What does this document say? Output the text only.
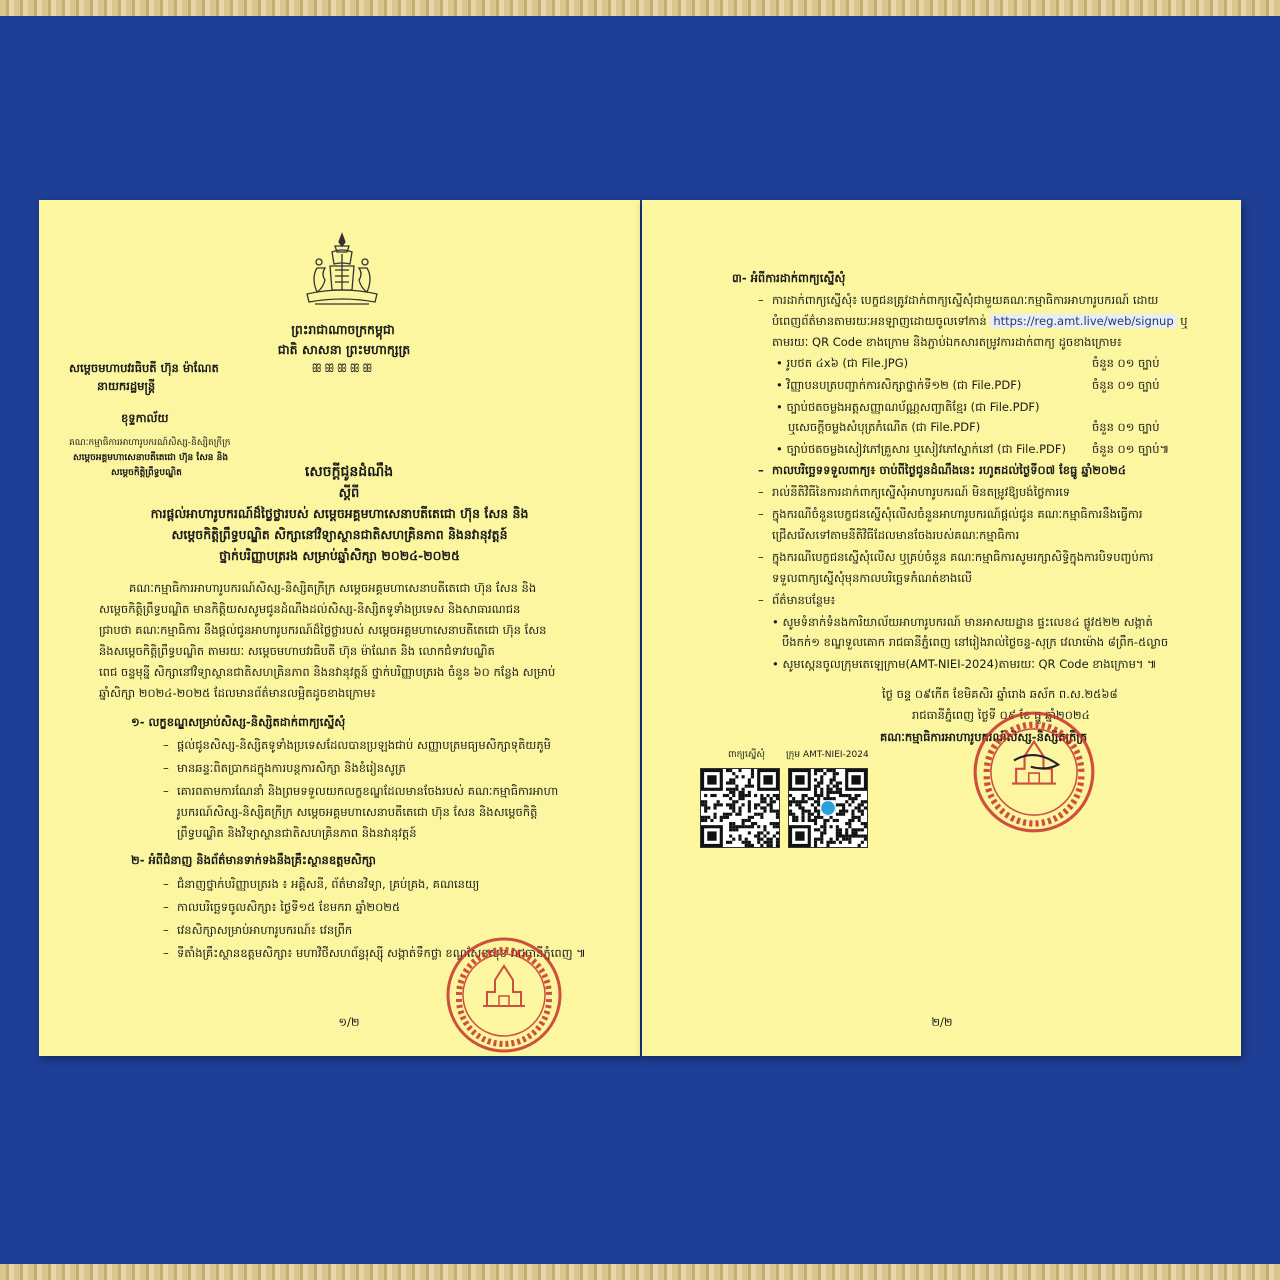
ព្រះរាជាណាចក្រកម្ពុជា
ជាតិ សាសនា ព្រះមហាក្សត្រ
ꕥꕥꕥꕥꕥ
សម្តេចមហាបវរធិបតី ហ៊ុន ម៉ាណែត
នាយករដ្ឋមន្ត្រី
ខុទ្ទកាល័យ
គណៈកម្មាធិការអាហារូបករណ៍សិស្ស-និស្សិតក្រីក្រ
សម្តេចអគ្គមហាសេនាបតីតេជោ ហ៊ុន សែន និង
សម្តេចកិត្តិព្រឹទ្ធបណ្ឌិត	សេចក្តីជូនដំណឹង
ស្តីពី
ការផ្តល់អាហារូបករណ៍ដ៏ថ្លៃថ្លារបស់ សម្តេចអគ្គមហាសេនាបតីតេជោ ហ៊ុន សែន និង
សម្តេចកិត្តិព្រឹទ្ធបណ្ឌិត សិក្សានៅវិទ្យាស្ថានជាតិសហគ្រិនភាព និងនវានុវត្តន៍
ថ្នាក់បរិញ្ញាបត្ររង សម្រាប់ឆ្នាំសិក្សា ២០២៤-២០២៥
គណៈកម្មាធិការអាហារូបករណ៍សិស្ស-និស្សិតក្រីក្រ សម្តេចអគ្គមហាសេនាបតីតេជោ ហ៊ុន សែន និង
សម្តេចកិត្តិព្រឹទ្ធបណ្ឌិត មានកិត្តិយសសូមជូនដំណឹងដល់សិស្ស-និស្សិតទូទាំងប្រទេស និងសាធារណជន
ជ្រាបថា គណៈកម្មាធិការ នឹងផ្តល់ជូនអាហារូបករណ៍ដ៏ថ្លៃថ្លារបស់ សម្តេចអគ្គមហាសេនាបតីតេជោ ហ៊ុន សែន
និងសម្តេចកិត្តិព្រឹទ្ធបណ្ឌិត តាមរយៈ សម្តេចមហាបវរធិបតី ហ៊ុន ម៉ាណែត និង លោកជំទាវបណ្ឌិត
ពេជ ចន្ទមុន្នី សិក្សានៅវិទ្យាស្ថានជាតិសហគ្រិនភាព និងនវានុវត្តន៍ ថ្នាក់បរិញ្ញាបត្ររង ចំនួន ៦០ កន្លែង សម្រាប់
ឆ្នាំសិក្សា ២០២៤-២០២៥ ដែលមានព័ត៌មានលម្អិតដូចខាងក្រោម៖
១- លក្ខខណ្ឌសម្រាប់សិស្ស-និស្សិតដាក់ពាក្យស្នើសុំ
– ផ្តល់ជូនសិស្ស-និស្សិតទូទាំងប្រទេសដែលបានប្រឡងជាប់ សញ្ញាបត្រមធ្យមសិក្សាទុតិយភូមិ
– មានឆន្ទៈពិតប្រាកដក្នុងការបន្តការសិក្សា និងខំរៀនសូត្រ
– គោរពតាមការណែនាំ និងព្រមទទួលយកលក្ខខណ្ឌដែលមានចែងរបស់ គណៈកម្មាធិការអាហា
រូបករណ៍សិស្ស-និស្សិតក្រីក្រ សម្តេចអគ្គមហាសេនាបតីតេជោ ហ៊ុន សែន និងសម្តេចកិត្តិ
ព្រឹទ្ធបណ្ឌិត និងវិទ្យាស្ថានជាតិសហគ្រិនភាព និងនវានុវត្តន៍
២- អំពីជំនាញ និងព័ត៌មានទាក់ទងនឹងគ្រឹះស្ថានឧត្តមសិក្សា
– ជំនាញថ្នាក់បរិញ្ញាបត្ររង ៖ អគ្គិសនី, ព័ត៌មានវិទ្យា, គ្រប់គ្រង, គណនេយ្យ
– កាលបរិច្ឆេទចូលសិក្សា៖ ថ្ងៃទី១៥ ខែមករា ឆ្នាំ២០២៥
– វេនសិក្សាសម្រាប់អាហារូបករណ៍៖ វេនព្រឹក
– ទីតាំងគ្រឹះស្ថានឧត្តមសិក្សា៖ មហាវិថីសហព័ន្ធរុស្ស៊ី សង្កាត់ទឹកថ្លា ខណ្ឌសែនសុខ រាជធានីភ្នំពេញ ៕
១/២
៣- អំពីការដាក់ពាក្យស្នើសុំ
– ការដាក់ពាក្យស្នើសុំ៖ បេក្ខជនត្រូវដាក់ពាក្យស្នើសុំជាមួយគណៈកម្មាធិការអាហារូបករណ៍ ដោយ
បំពេញព័ត៌មានតាមរយៈអនឡាញដោយចូលទៅកាន់ https://reg.amt.live/web/signup ឬ
តាមរយៈ QR Code ខាងក្រោម និងភ្ជាប់ឯកសារតម្រូវការដាក់ពាក្យ ដូចខាងក្រោម៖
• រូបថត ៤x៦ (ជា File.JPG)	ចំនួន ០១ ច្បាប់
• វិញ្ញាបនបត្របញ្ជាក់ការសិក្សាថ្នាក់ទី១២ (ជា File.PDF)	ចំនួន ០១ ច្បាប់
• ច្បាប់ថតចម្លងអត្តសញ្ញាណប័ណ្ណសញ្ជាតិខ្មែរ (ជា File.PDF)
ឬសេចក្តីចម្លងសំបុត្រកំណើត (ជា File.PDF)	ចំនួន ០១ ច្បាប់
• ច្បាប់ថតចម្លងសៀវភៅគ្រួសារ ឬសៀវភៅស្នាក់នៅ (ជា File.PDF) ចំនួន ០១ ច្បាប់៕
– កាលបរិច្ឆេទទទួលពាក្យ៖ ចាប់ពីថ្ងៃជូនដំណឹងនេះ រហូតដល់ថ្ងៃទី០៧ ខែធ្នូ ឆ្នាំ២០២៤
– រាល់នីតិវិធីនៃការដាក់ពាក្យស្នើសុំអាហារូបករណ៍ មិនតម្រូវឱ្យបង់ថ្លៃការទេ
– ក្នុងករណីចំនួនបេក្ខជនស្នើសុំលើសចំនួនអាហារូបករណ៍ផ្តល់ជូន គណៈកម្មាធិការនឹងធ្វើការ
ជ្រើសរើសទៅតាមនីតិវិធីដែលមានចែងរបស់គណៈកម្មាធិការ
– ក្នុងករណីបេក្ខជនស្នើសុំលើស ឬគ្រប់ចំនួន គណៈកម្មាធិការសូមរក្សាសិទ្ធិក្នុងការបិទបញ្ចប់ការ
ទទួលពាក្យស្នើសុំមុនកាលបរិច្ឆេទកំណត់ខាងលើ
– ព័ត៌មានបន្ថែម៖
• សូមទំនាក់ទំនងការិយាល័យអាហារូបករណ៍ មានអាសយដ្ឋាន ផ្ទះលេខ៤ ផ្លូវ៥២២ សង្កាត់
បឹងកក់១ ខណ្ឌទួលគោក រាជធានីភ្នំពេញ នៅរៀងរាល់ថ្ងៃចន្ទ-សុក្រ វេលាម៉ោង ៨ព្រឹក-៥ល្ងាច
• សូមស្កេនចូលក្រុមតេឡេក្រាម(AMT-NIEI-2024)តាមរយៈ QR Code ខាងក្រោម។ ៕
ថ្ងៃ ចន្ទ ០៩កើត ខែមិគសិរ ឆ្នាំរោង ឆស័ក ព.ស.២៥៦៨
រាជធានីភ្នំពេញ ថ្ងៃទី ០៩ ខែ ធ្នូ ឆ្នាំ២០២៤
គណៈកម្មាធិការអាហារូបករណ៍សិស្ស-និស្សិតក្រីក្រ
ពាក្យស្នើសុំ ក្រុម AMT-NIEI-2024
២/២
